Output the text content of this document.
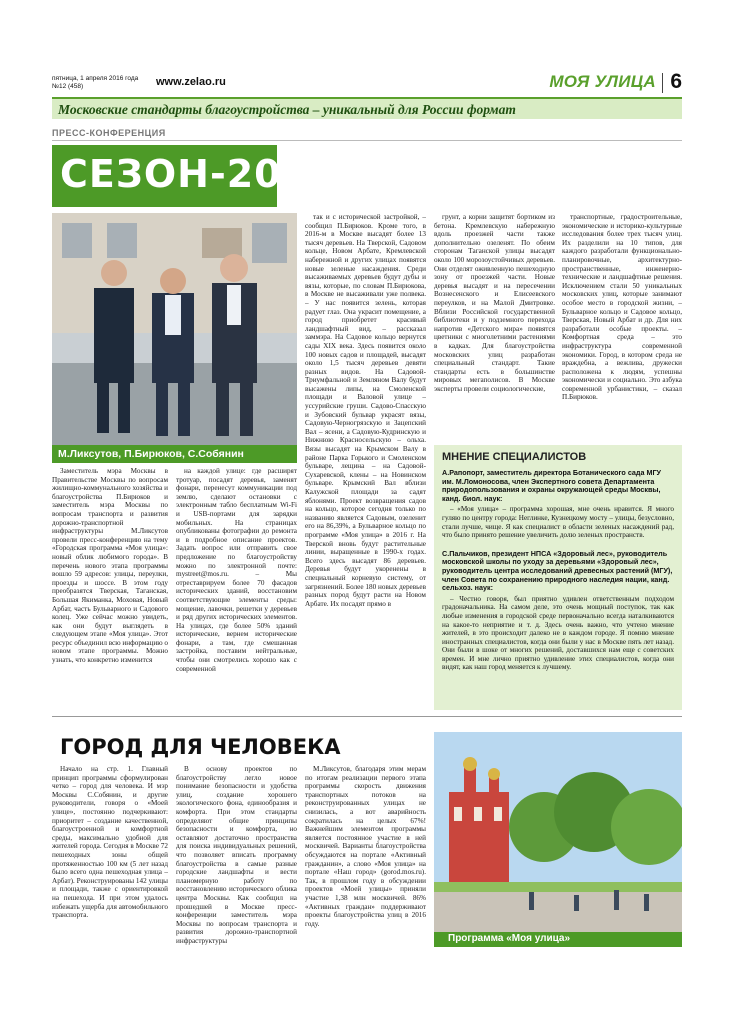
пятница, 1 апреля 2016 года
№12 (458)	www.zelao.ru	МОЯ УЛИЦА 6
Московские стандарты благоустройства – уникальный для России формат
ПРЕСС-КОНФЕРЕНЦИЯ
СЕЗОН-2016
М.Ликсутов, П.Бирюков, С.Собянин

Заместитель мэра Москвы в Правительстве Москвы по вопросам жилищно-коммунального хозяйства и благоустройства П.Бирюков и заместитель мэра Москвы по вопросам транспорта и развития дорожно-транспортной инфраструктуры М.Ликсутов провели пресс-конференцию на тему «Городская программа «Моя улица»: новый облик любимого города». В перечень нового этапа программы вошло 59 адресов: улицы, переулки, проезды и шоссе. В этом году преобразятся Тверская, Таганская, Большая Якиманка, Моховая, Новый Арбат, часть Бульварного и Садового колец. Уже сейчас можно увидеть, как они будут выглядеть в следующем этапе «Моя улица». Этот ресурс объединил всю информацию о новом этапе программы. Можно узнать, что конкретно изменится

на каждой улице: где расширят тротуар, посадят деревья, заменят фонари, перенесут коммуникации под землю, сделают остановки с электронным табло бесплатным Wi-Fi и USB-портами для зарядки мобильных. На страницах опубликованы фотографии до ремонта и в подробное описание проектов. Задать вопрос или отправить свое предложение по благоустройству можно по электронной почте: mystreet@mos.ru. – Мы отреставрируем более 70 фасадов исторических зданий, восстановим соответствующие элементы среды: мощение, лавочки, решетки у деревьев и ряд других исторических элементов. На улицах, где более 50% зданий исторические, вернем исторические фонари, а там, где смешанная застройка, поставим нейтральные, чтобы они смотрелись хорошо как с современной

так и с исторической застройкой, – сообщил П.Бирюков. Кроме того, в 2016-м в Москве высадят более 13 тысяч деревьев. На Тверской, Садовом кольце, Новом Арбате, Кремлевской набережной и других улицах появятся новые зеленые насаждения. Среди высаживаемых деревьев будут дубы и вязы, которые, по словам П.Бирюкова, в Москве не высаживали уже полвека. – У нас появится зелень, которая радует глаз. Она украсит помещение, а город приобретет красивый ландшафтный вид, – рассказал заммэра. На Садовое кольцо вернутся сады XIX века. Здесь появится около 100 новых садов и площадей, высадят около 1,5 тысяч деревьев девяти разных видов. На Садовой-Триумфальной и Земляном Валу будут высажены липы, на Смоленской площади и Валовой улице – уссурийские груши. Садово-Спасскую и Зубовский бульвар украсят вязы, Садовую-Черногрязскую и Зацепский Вал – ясени, а Садовую-Кудринскую и Нижнюю Красносельскую – ольха. Вязы высадят на Крымском Валу в районе Парка Горького и Смоленском бульваре, лещина – на Садовой-Сухаревской, клены – на Новинском бульваре. Крымский Вал вблизи Калужской площади за садят яблонями. Проект возвращения садов на кольцо, которое сегодня только по названию является Садовым, озеленит его на 86,39%, а Бульварное кольцо по программе «Моя улица» в 2016 г. На Тверской вновь будут растительные линии, выращенные в 1990-х годах. Всего здесь высадят 86 деревьев. Деревья будут укоренены в специальный корневую систему, от загрязнений. Более 180 новых деревьев разных пород будут расти на Новом Арбате. Их посадят прямо в

грунт, а корни защитят бортиком из бетона. Кремлевскую набережную вдоль проезжей части также дополнительно озеленят. По обеим сторонам Таганской улицы высадят около 100 морозоустойчивых деревьев. Они отделят оживленную пешеходную зону от проезжей части. Новые деревья высадят и на пересечении Вознесенского и Елисеевского переулков, и на Малой Дмитровке. Вблизи Российской государственной библиотеки и у подземного перехода напротив «Детского мира» появятся цветники с многолетними растениями в кадках. Для благоустройства московских улиц разработан специальный стандарт. Такие стандарты есть в большинстве мировых мегаполисов. В Москве эксперты провели социологические,

транспортные, градостроительные, экономические и историко-культурные исследования более трех тысяч улиц. Их разделили на 10 типов, для каждого разработали функционально-планировочные, архитектурно-пространственные, инженерно-технические и ландшафтные решения. Исключением стали 50 уникальных московских улиц, которые занимают особое место в городской жизни, – Бульварное кольцо и Садовое кольцо, Тверская, Новый Арбат и др. Для них разработали особые проекты. – Комфортная среда – это инфраструктура современной экономики. Город, в котором среда не враждебна, а вежлива, дружески расположена к людям, успешны экономически и социально. Это азбука современной урбанистики, – сказал П.Бирюков.

МНЕНИЕ СПЕЦИАЛИСТОВ
А.Рапопорт, заместитель директора Ботанического сада МГУ им. М.Ломоносова, член Экспертного совета Департамента природопользования и охраны окружающей среды Москвы, канд. биол. наук:

– «Моя улица» – программа хорошая, мне очень нравится. Я много гуляю по центру города: Неглинке, Кузнецкому мосту – улицы, безусловно, стали лучше, чище. Я как специалист в области зеленых насаждений рад, что было принято решение увеличить долю зеленых пространств.

С.Пальчиков, президент НПСА «Здоровый лес», руководитель московской школы по уходу за деревьями «Здоровый лес», руководитель центра исследований древесных растений (МГУ), член Совета по сохранению природного наследия нации, канд. сельхоз. наук:

– Честно говоря, был приятно удивлен ответственным подходом градоначальника. На самом деле, это очень мощный поступок, так как любые изменения в городской среде первоначально всегда наталкиваются на какое-то неприятие и т. д. Здесь очень важно, что учтено мнение жителей, в это происходит далеко не в каждом городе. Я помню мнение иностранных специалистов, когда они были у нас в Москве пять лет назад. Они были в шоке от многих решений, доставшихся нам еще с советских времен. И мне лично приятно удивление этих специалистов, когда они видят, как наш город меняется к лучшему.

ГОРОД ДЛЯ ЧЕЛОВЕКА

Начало на стр. 1. Главный принцип программы сформулирован четко – город для человека. И мэр Москвы С.Собянин, и другие руководители, говоря о «Моей улице», постоянно подчеркивают: приоритет – создание качественной, благоустроенной и комфортной среды, максимально удобной для жителей города. Сегодня в Москве 72 пешеходных зоны общей протяженностью 100 км (5 лет назад было всего одна пешеходная улица – Арбат). Реконструированы 142 улицы и площади, также с ориентировкой на пешехода. И при этом удалось избежать ущерба для автомобильного транспорта.

В основу проектов по благоустройству легло новое понимание безопасности и удобства улиц, создание хорошего экологического фона, единообразия и комфорта. При этом стандарты определяют общие принципы безопасности и комфорта, но оставляют достаточно пространства для поиска индивидуальных решений, что позволяет вписать программу благоустройства в самые разные городские ландшафты и вести планомерную работу по восстановлению исторического облика центра Москвы. Как сообщил на прошедшей в Москве пресс-конференции заместитель мэра Москвы по вопросам транспорта и развития дорожно-транспортной инфраструктуры

М.Ликсутов, благодаря этим мерам по итогам реализации первого этапа программы скорость движения транспортных потоков на реконструированных улицах не снизилась, а вот аварийность сократилась на целых 67%! Важнейшим элементом программы является постоянное участие в ней москвичей. Варианты благоустройства обсуждаются на портале «Активный гражданин», а слово «Моя улица» на портале «Наш город» (gorod.mos.ru). Так, в прошлом году в обсуждении проектов «Моей улицы» приняли участие 1,38 млн москвичей. 86% «Активных граждан» поддерживают проекты благоустройства улиц в 2016 году.

Программа «Моя улица»
